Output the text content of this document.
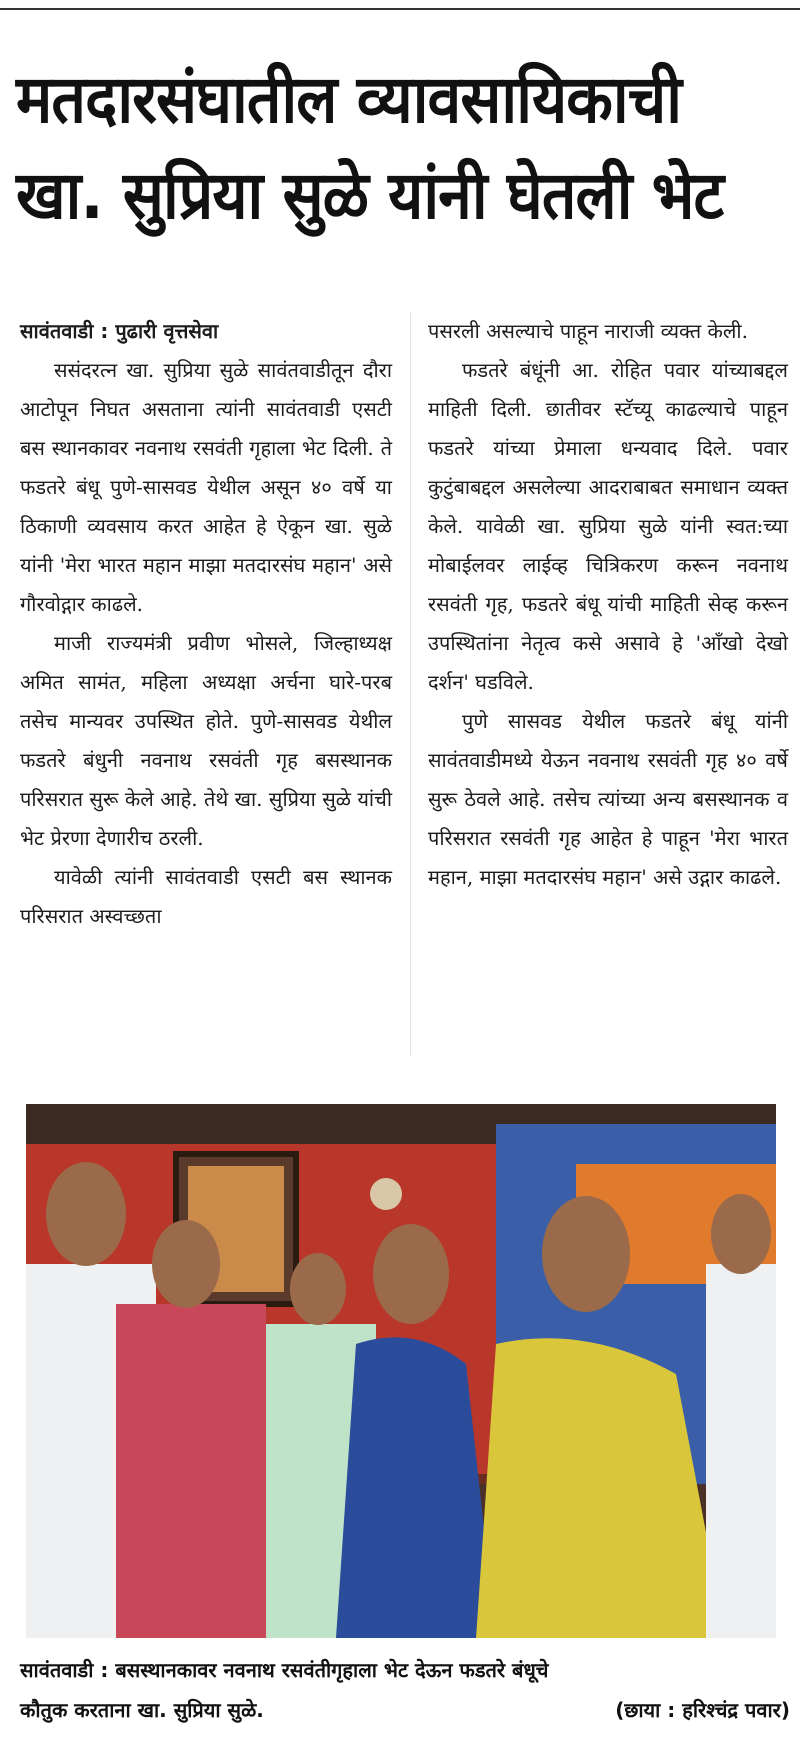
मतदारसंघातील व्यावसायिकाची
खा. सुप्रिया सुळे यांनी घेतली भेट
सावंतवाडी : पुढारी वृत्तसेवा

ससंदरत्न खा. सुप्रिया सुळे सावंतवाडीतून दौरा आटोपून निघत असताना त्यांनी सावंतवाडी एसटी बस स्थानकावर नवनाथ रसवंती गृहाला भेट दिली. ते फडतरे बंधू पुणे-सासवड येथील असून ४० वर्षे या ठिकाणी व्यवसाय करत आहेत हे ऐकून खा. सुळे यांनी 'मेरा भारत महान माझा मतदारसंघ महान' असे गौरवोद्गार काढले.

माजी राज्यमंत्री प्रवीण भोसले, जिल्हाध्यक्ष अमित सामंत, महिला अध्यक्षा अर्चना घारे-परब तसेच मान्यवर उपस्थित होते. पुणे-सासवड येथील फडतरे बंधुनी नवनाथ रसवंती गृह बसस्थानक परिसरात सुरू केले आहे. तेथे खा. सुप्रिया सुळे यांची भेट प्रेरणा देणारीच ठरली.

यावेळी त्यांनी सावंतवाडी एसटी बस स्थानक परिसरात अस्वच्छता

पसरली असल्याचे पाहून नाराजी व्यक्त केली.

फडतरे बंधूंनी आ. रोहित पवार यांच्याबद्दल माहिती दिली. छातीवर स्टॅच्यू काढल्याचे पाहून फडतरे यांच्या प्रेमाला धन्यवाद दिले. पवार कुटुंबाबद्दल असलेल्या आदराबाबत समाधान व्यक्त केले. यावेळी खा. सुप्रिया सुळे यांनी स्वत:च्या मोबाईलवर लाईव्ह चित्रिकरण करून नवनाथ रसवंती गृह, फडतरे बंधू यांची माहिती सेव्ह करून उपस्थितांना नेतृत्व कसे असावे हे 'आँखो देखो दर्शन' घडविले.

पुणे सासवड येथील फडतरे बंधू यांनी सावंतवाडीमध्ये येऊन नवनाथ रसवंती गृह ४० वर्षे सुरू ठेवले आहे. तसेच त्यांच्या अन्य बसस्थानक व परिसरात रसवंती गृह आहेत हे पाहून 'मेरा भारत महान, माझा मतदारसंघ महान' असे उद्गार काढले.

सावंतवाडी : बसस्थानकावर नवनाथ रसवंतीगृहाला भेट देऊन फडतरे बंधूचे
कौतुक करताना खा. सुप्रिया सुळे.	(छाया : हरिश्चंद्र पवार)
